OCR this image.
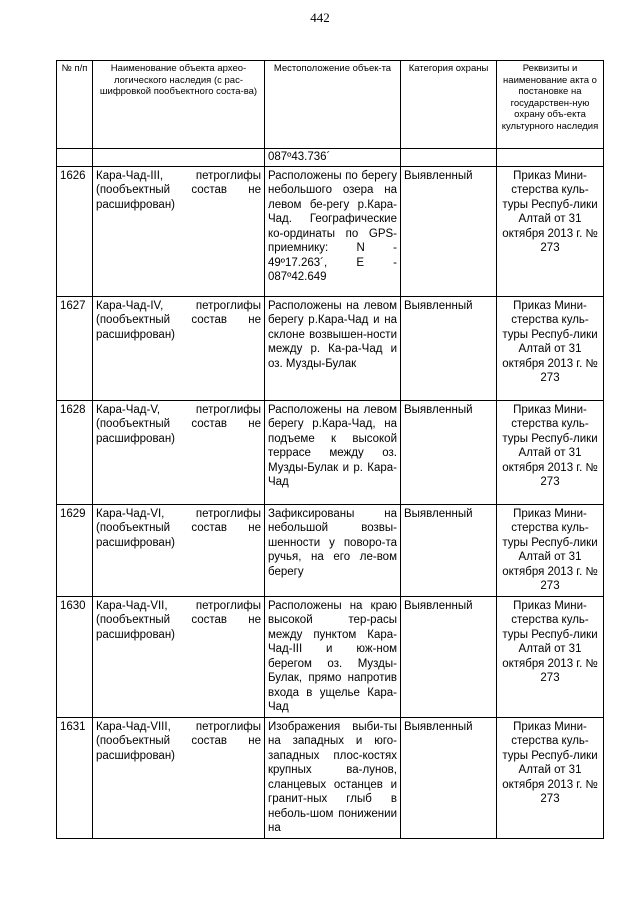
442
№ п/п	Наименование объекта архео-логического наследия (с рас-шифровкой пообъектного соста-ва)	Местоположение объек-та	Категория охраны	Реквизиты и наименование акта о постановке на государствен-ную охрану объ-екта культурного наследия
		087º43.736´		
1626	Кара-Чад-III, петроглифы (пообъектный состав не расшифрован)	Расположены по берегу небольшого озера на левом бе-регу р.Кара-Чад. Географические ко-ординаты по GPS-приемнику: N - 49º17.263´, E - 087º42.649	Выявленный	Приказ Мини-стерства куль-туры Респуб-лики Алтай от 31 октября 2013 г. № 273
1627	Кара-Чад-IV, петроглифы (пообъектный состав не расшифрован)	Расположены на левом берегу р.Кара-Чад и на склоне возвышен-ности между р. Ка-ра-Чад и оз. Музды-Булак	Выявленный	Приказ Мини-стерства куль-туры Респуб-лики Алтай от 31 октября 2013 г. № 273
1628	Кара-Чад-V, петроглифы (пообъектный состав не расшифрован)	Расположены на левом берегу р.Кара-Чад, на подъеме к высокой террасе между оз. Музды-Булак и р. Кара-Чад	Выявленный	Приказ Мини-стерства куль-туры Респуб-лики Алтай от 31 октября 2013 г. № 273
1629	Кара-Чад-VI, петроглифы (пообъектный состав не расшифрован)	Зафиксированы на небольшой возвы-шенности у поворо-та ручья, на его ле-вом берегу	Выявленный	Приказ Мини-стерства куль-туры Респуб-лики Алтай от 31 октября 2013 г. № 273
1630	Кара-Чад-VII, петроглифы (пообъектный состав не расшифрован)	Расположены на краю высокой тер-расы между пунктом Кара-Чад-III и юж-ном берегом оз. Музды-Булак, прямо напротив входа в ущелье Кара-Чад	Выявленный	Приказ Мини-стерства куль-туры Респуб-лики Алтай от 31 октября 2013 г. № 273
1631	Кара-Чад-VIII, петроглифы (пообъектный состав не расшифрован)	Изображения выби-ты на западных и юго-западных плос-костях крупных ва-лунов, сланцевых останцев и гранит-ных глыб в неболь-шом понижении на	Выявленный	Приказ Мини-стерства куль-туры Респуб-лики Алтай от 31 октября 2013 г. № 273
